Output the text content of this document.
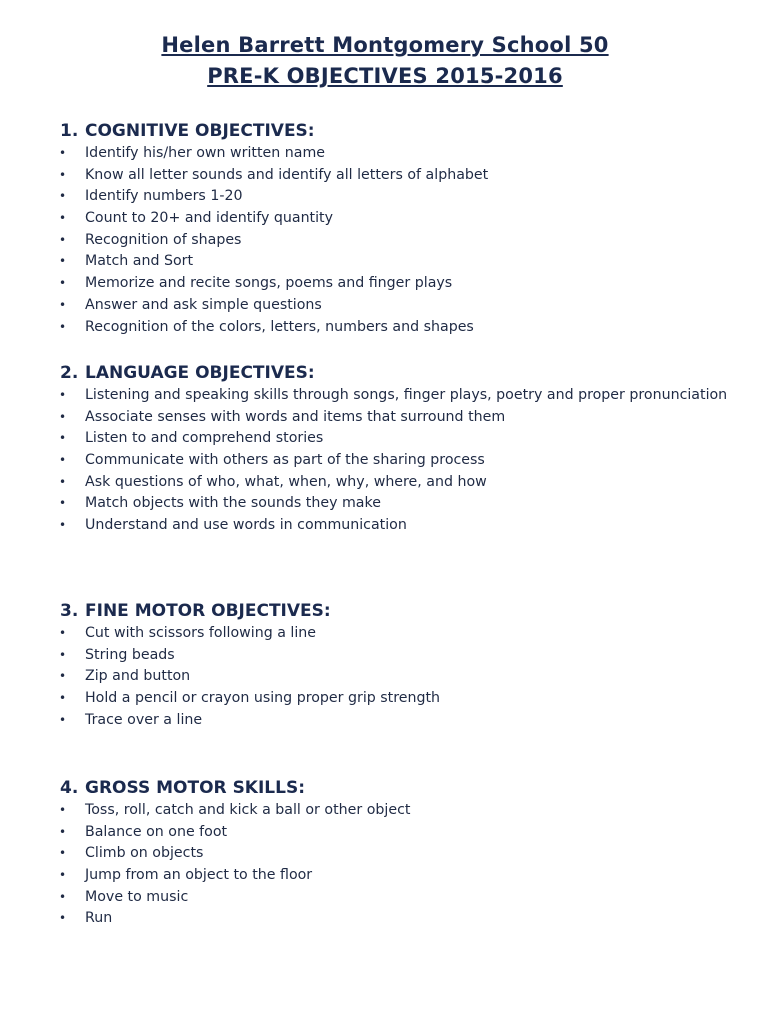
Helen Barrett Montgomery School 50
PRE-K OBJECTIVES 2015-2016
1. COGNITIVE OBJECTIVES:
• Identify his/her own written name
• Know all letter sounds and identify all letters of alphabet
• Identify numbers 1-20
• Count to 20+ and identify quantity
• Recognition of shapes
• Match and Sort
• Memorize and recite songs, poems and finger plays
• Answer and ask simple questions
• Recognition of the colors, letters, numbers and shapes
2. LANGUAGE OBJECTIVES:
• Listening and speaking skills through songs, finger plays, poetry and proper pronunciation
• Associate senses with words and items that surround them
• Listen to and comprehend stories
• Communicate with others as part of the sharing process
• Ask questions of who, what, when, why, where, and how
• Match objects with the sounds they make
• Understand and use words in communication
3. FINE MOTOR OBJECTIVES:
• Cut with scissors following a line
• String beads
• Zip and button
• Hold a pencil or crayon using proper grip strength
• Trace over a line
4. GROSS MOTOR SKILLS:
• Toss, roll, catch and kick a ball or other object
• Balance on one foot
• Climb on objects
• Jump from an object to the floor
• Move to music
• Run
